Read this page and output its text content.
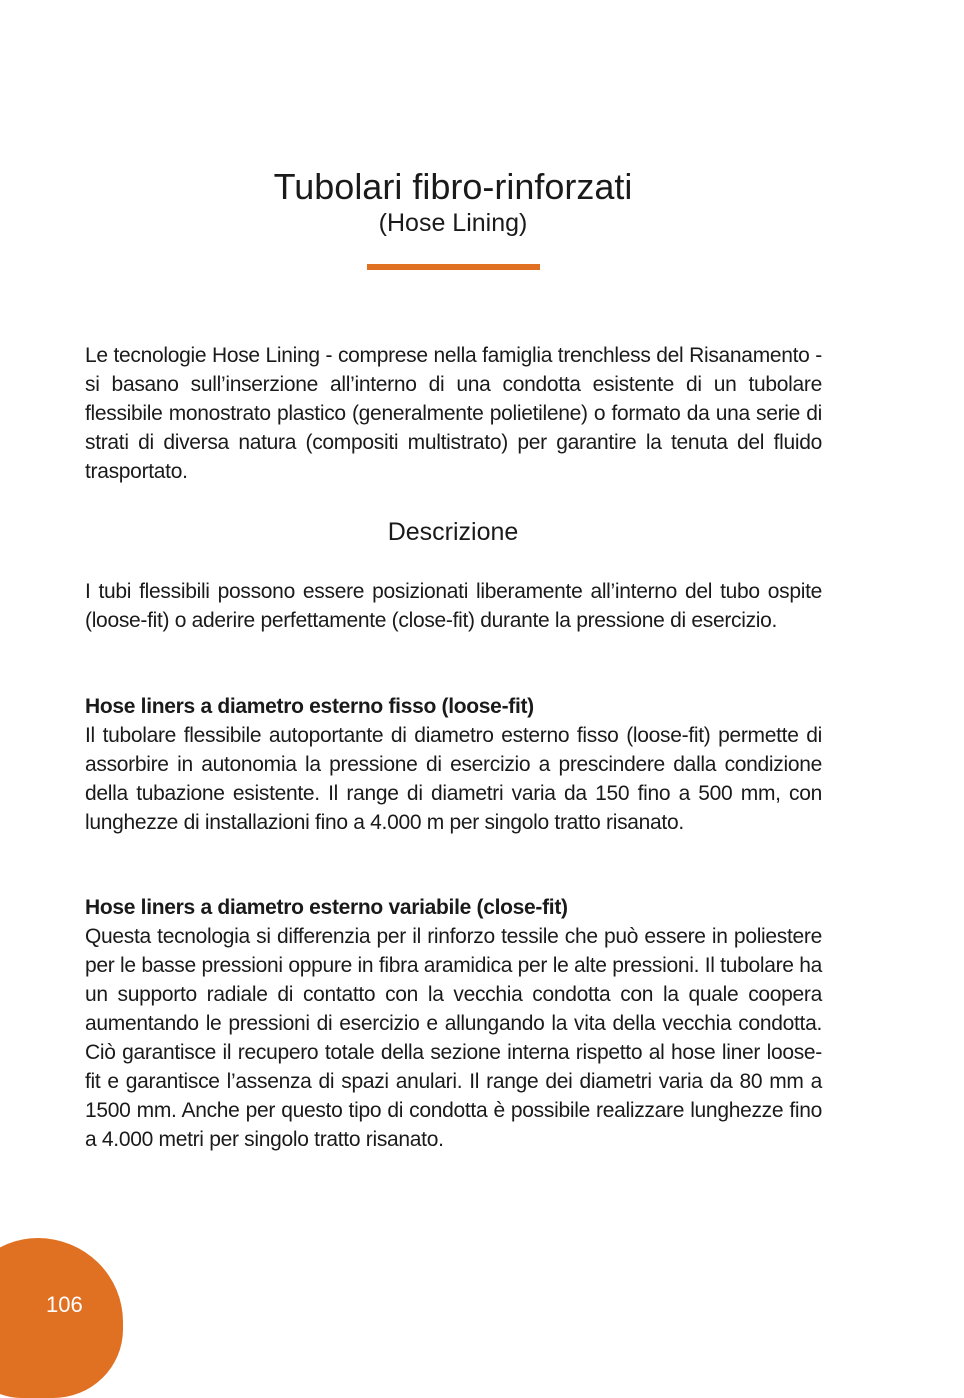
Tubolari fibro-rinforzati
(Hose Lining)

Le tecnologie Hose Lining - comprese nella famiglia trenchless del Risanamento - si basano sull’inserzione all’interno di una condotta esistente di un tubolare flessibile monostrato plastico (generalmente polietilene) o formato da una serie di strati di diversa natura (compositi multistrato) per garantire la tenuta del fluido trasportato.

Descrizione

I tubi flessibili possono essere posizionati liberamente all’interno del tubo ospite (loose-fit) o aderire perfettamente (close-fit) durante la pressione di esercizio.

Hose liners a diametro esterno fisso (loose-fit)

Il tubolare flessibile autoportante di diametro esterno fisso (loose-fit) permette di assorbire in autonomia la pressione di esercizio a prescindere dalla condizione della tubazione esistente. Il range di diametri varia da 150 fino a 500 mm, con lunghezze di installazioni fino a 4.000 m per singolo tratto risanato.

Hose liners a diametro esterno variabile (close-fit)

Questa tecnologia si differenzia per il rinforzo tessile che può essere in poliestere per le basse pressioni oppure in fibra aramidica per le alte pressioni. Il tubolare ha un supporto radiale di contatto con la vecchia condotta con la quale coopera aumentando le pressioni di esercizio e allungando la vita della vecchia condotta. Ciò garantisce il recupero totale della sezione interna rispetto al hose liner loose-fit e garantisce l’assenza di spazi anulari. Il range dei diametri varia da 80 mm a 1500 mm. Anche per questo tipo di condotta è possibile realizzare lunghezze fino a 4.000 metri per singolo tratto risanato.

106
